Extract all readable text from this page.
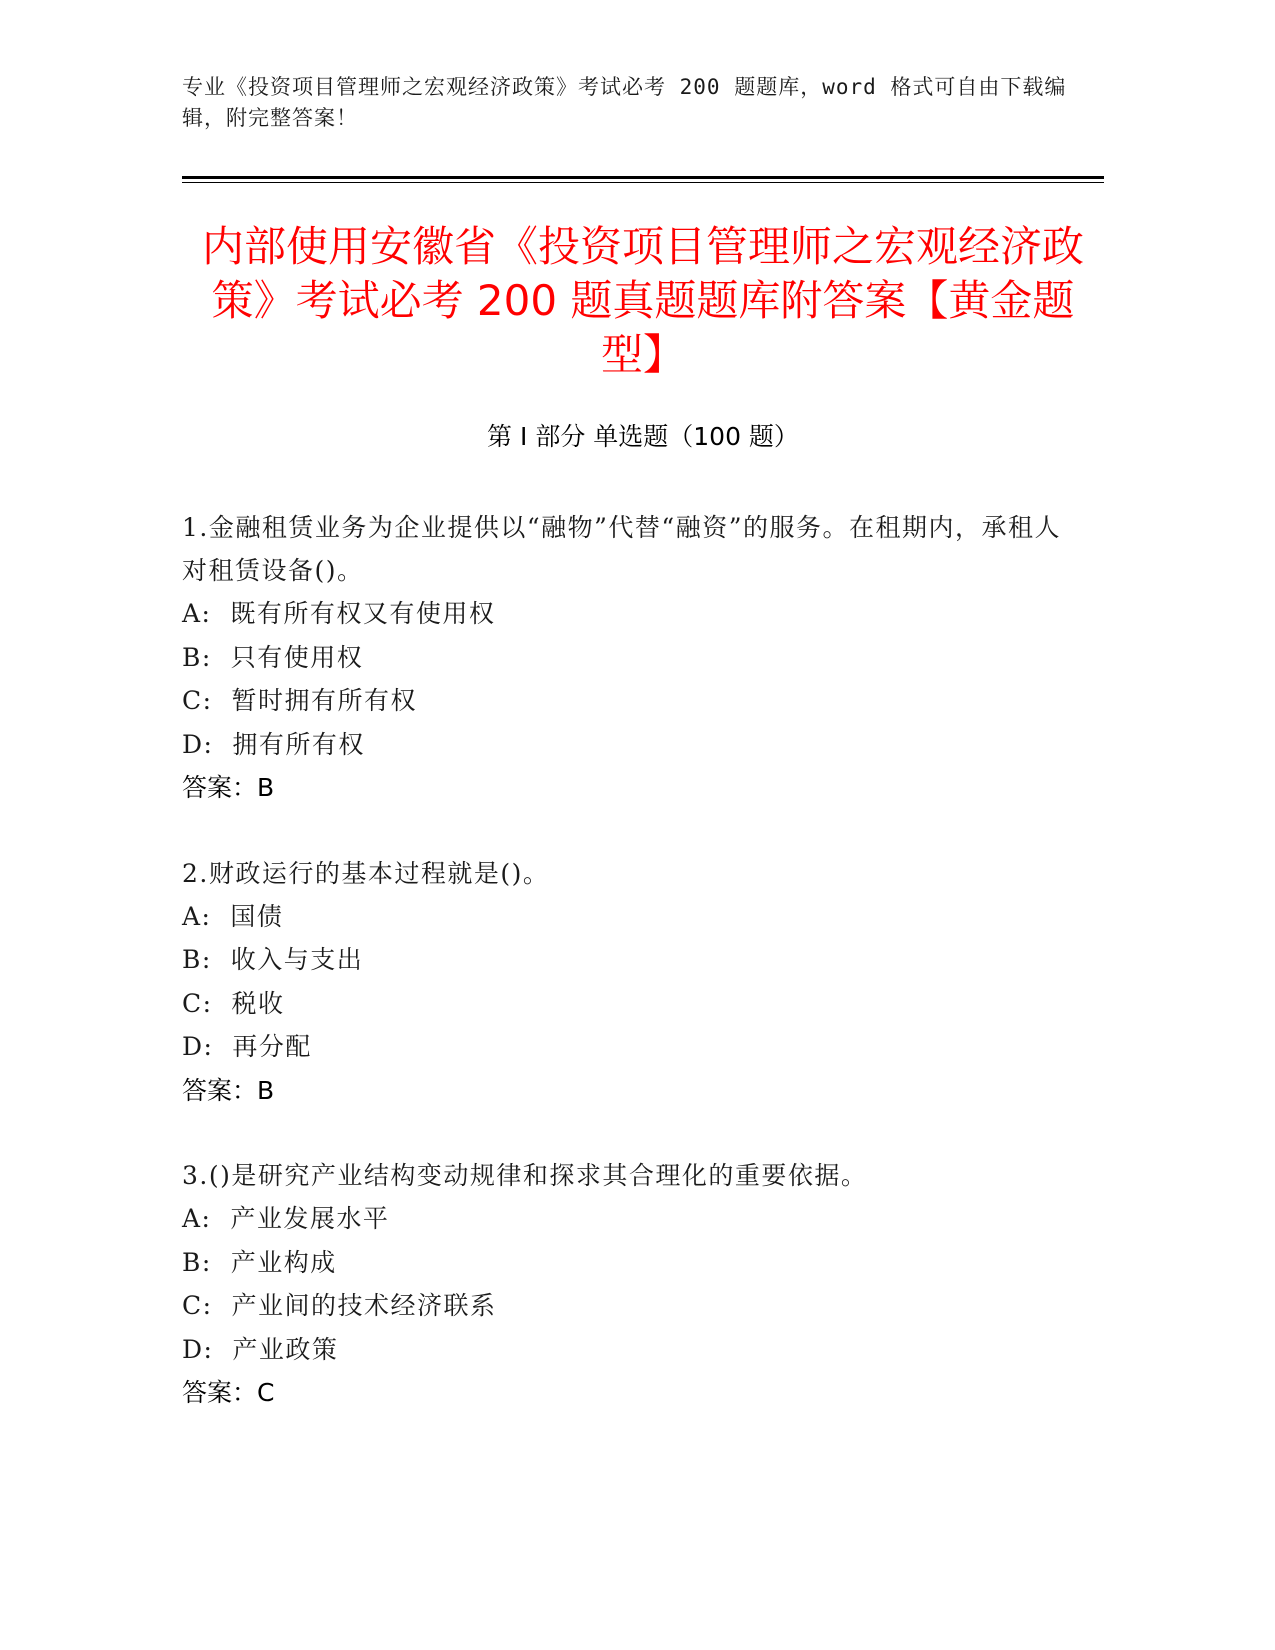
专业《投资项目管理师之宏观经济政策》考试必考 200 题题库，word 格式可自由下载编辑，附完整答案！
内部使用安徽省《投资项目管理师之宏观经济政策》考试必考 200 题真题题库附答案【黄金题型】
第 I 部分 单选题（100 题）
1.金融租赁业务为企业提供以“融物”代替“融资”的服务。在租期内，承租人对租赁设备()。
A:  既有所有权又有使用权
B:  只有使用权
C:  暂时拥有所有权
D:  拥有所有权
答案：B
2.财政运行的基本过程就是()。
A:  国债
B:  收入与支出
C:  税收
D:  再分配
答案：B
3.()是研究产业结构变动规律和探求其合理化的重要依据。
A:  产业发展水平
B:  产业构成
C:  产业间的技术经济联系
D:  产业政策
答案：C
